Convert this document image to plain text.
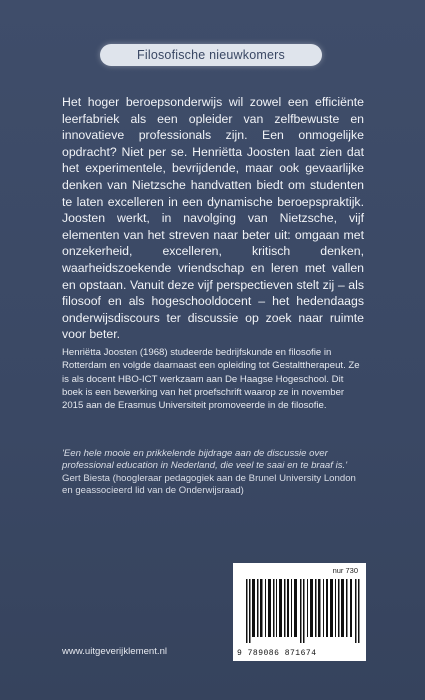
Filosofische nieuwkomers

Het hoger beroepsonderwijs wil zowel een efficiënte leerfabriek als een opleider van zelfbewuste en innovatieve professionals zijn. Een onmogelijke opdracht? Niet per se. Henriëtta Joosten laat zien dat het experimentele, bevrijdende, maar ook gevaarlijke denken van Nietzsche handvatten biedt om studenten te laten excelleren in een dynamische beroepspraktijk. Joosten werkt, in navolging van Nietzsche, vijf elementen van het streven naar beter uit: omgaan met onzekerheid, excelleren, kritisch denken, waarheidszoekende vriendschap en leren met vallen en opstaan. Vanuit deze vijf perspectieven stelt zij – als filosoof en als hogeschooldocent – het hedendaags onderwijsdiscours ter discussie op zoek naar ruimte voor beter.

Henriëtta Joosten (1968) studeerde bedrijfskunde en filosofie in Rotterdam en volgde daarnaast een opleiding tot Gestalttherapeut. Ze is als docent HBO-ICT werkzaam aan De Haagse Hogeschool. Dit boek is een bewerking van het proefschrift waarop ze in november 2015 aan de Erasmus Universiteit promoveerde in de filosofie.

'Een hele mooie en prikkelende bijdrage aan de discussie over professional education in Nederland, die veel te saai en te braaf is.'
Gert Biesta (hoogleraar pedagogiek aan de Brunel University London en geassocieerd lid van de Onderwijsraad)
nur 730
9 789086 871674
www.uitgeverijklement.nl
